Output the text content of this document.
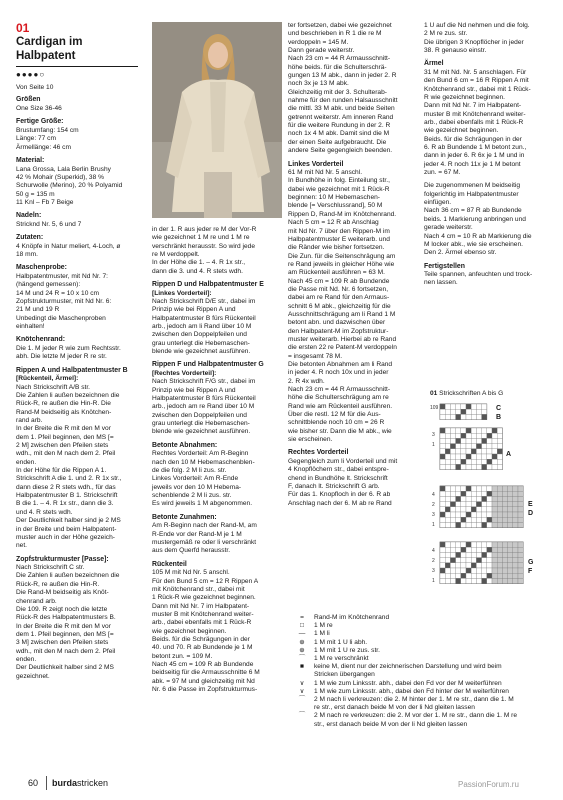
01
Cardigan im
Halbpatent
●●●●○

Von Seite 10

Größen

One Size 36-46

Fertige Größe:

Brustumfang: 154 cm

Länge: 77 cm

Ärmellänge: 46 cm

Material:

Lana Grossa, Lala Berlin Brushy

42 % Mohair (Superkid), 38 %

Schurwolle (Merino), 20 % Polyamid

50 g = 135 m

11 Knl – Fb 7 Beige

Nadeln:

Stricknd Nr. 5, 6 und 7

Zutaten:

4 Knöpfe in Natur meliert, 4-Loch, ø

18 mm.

Maschenprobe:

Halbpatentmuster, mit Nd Nr. 7:

(hängend gemessen):

14 M und 24 R = 10 x 10 cm

Zopfstrukturmuster, mit Nd Nr. 6:

21 M und 19 R

Unbedingt die Maschenproben

einhalten!

Knötchenrand:

Die 1. M jeder R wie zum Rechtsstr.

abh. Die letzte M jeder R re str.

Rippen A und Halbpatentmuster B

[Rückenteil, Ärmel]:

Nach Strickschrift A/B str.

Die Zahlen li außen bezeichnen die

Rück-R, re außen die Hin-R. Die

Rand-M beidseitig als Knötchen-

rand arb.

In der Breite die R mit den M vor

dem 1. Pfeil beginnen, den MS [=

2 M] zwischen den Pfeilen stets

wdh., mit den M nach dem 2. Pfeil

enden.

In der Höhe für die Rippen A 1.

Strickschrift A die 1. und 2. R 1x str.,

dann diese 2 R stets wdh., für das

Halbpatentmuster B 1. Strickschrift

B die 1. – 4. R 1x str., dann die 3.

und 4. R stets wdh.

Der Deutlichkeit halber sind je 2 MS

in der Breite und beim Halbpatent-

muster auch in der Höhe gezeich-

net.

Zopfstrukturmuster [Passe]:

Nach Strickschrift C str.

Die Zahlen li außen bezeichnen die

Rück-R, re außen die Hin-R.

Die Rand-M beidseitig als Knöt-

chenrand arb.

Die 109. R zeigt noch die letzte

Rück-R des Halbpatentmusters B.

In der Breite die R mit den M vor

dem 1. Pfeil beginnen, den MS [=

3 M] zwischen den Pfeilen stets

wdh., mit den M nach dem 2. Pfeil

enden.

Der Deutlichkeit halber sind 2 MS

gezeichnet.

in der 1. R aus jeder re M der Vor-R

wie gezeichnet 1 M re und 1 M re

verschränkt herausstr. So wird jede

re M verdoppelt.

In der Höhe die 1. – 4. R 1x str.,

dann die 3. und 4. R stets wdh.

Rippen D und Halbpatentmuster E

[Linkes Vorderteil]:

Nach Strickschrift D/E str., dabei im

Prinzip wie bei Rippen A und

Halbpatentmuster B fürs Rückenteil

arb., jedoch am li Rand über 10 M

zwischen den Doppelpfeilen und

grau unterlegt die Hebemaschen-

blende wie gezeichnet ausführen.

Rippen F und Halbpatentmuster G

[Rechtes Vorderteil]:

Nach Strickschrift F/G str., dabei im

Prinzip wie bei Rippen A und

Halbpatentmuster B fürs Rückenteil

arb., jedoch am re Rand über 10 M

zwischen den Doppelpfeilen und

grau unterlegt die Hebemaschen-

blende wie gezeichnet ausführen.

Betonte Abnahmen:

Rechtes Vorderteil: Am R-Beginn

nach den 10 M Hebemaschenblen-

de die folg. 2 M li zus. str.

Linkes Vorderteil: Am R-Ende

jeweils vor den 10 M Hebema-

schenblende 2 M li zus. str.

Es wird jeweils 1 M abgenommen.

Betonte Zunahmen:

Am R-Beginn nach der Rand-M, am

R-Ende vor der Rand-M je 1 M

mustergemäß re oder li verschränkt

aus dem Querfd herausstr.

Rückenteil

105 M mit Nd Nr. 5 anschl.

Für den Bund 5 cm = 12 R Rippen A

mit Knötchenrand str., dabei mit

1 Rück-R wie gezeichnet beginnen.

Dann mit Nd Nr. 7 im Halbpatent-

muster B mit Knötchenrand weiter-

arb., dabei ebenfalls mit 1 Rück-R

wie gezeichnet beginnen.

Beids. für die Schrägungen in der

40. und 70. R ab Bundende je 1 M

betont zun. = 109 M.

Nach 45 cm = 109 R ab Bundende

beidseitig für die Armausschnitte 6 M

abk. = 97 M und gleichzeitig mit Nd

Nr. 6 die Passe im Zopfstrukturmus-

ter fortsetzen, dabei wie gezeichnet

und beschrieben in R 1 die re M

verdoppeln = 145 M.

Dann gerade weiterstr.

Nach 23 cm = 44 R Armausschnitt-

höhe beids. für die Schulterschrä-

gungen 13 M abk., dann in jeder 2. R

noch 3x je 13 M abk.

Gleichzeitig mit der 3. Schulterab-

nahme für den runden Halsausschnitt

die mittl. 33 M abk. und beide Seiten

getrennt weiterstr. Am inneren Rand

für die weitere Rundung in der 2. R

noch 1x 4 M abk. Damit sind die M

der einen Seite aufgebraucht. Die

andere Seite gegengleich beenden.

Linkes Vorderteil

61 M mit Nd Nr. 5 anschl.

In Bundhöhe in folg. Einteilung str.,

dabei wie gezeichnet mit 1 Rück-R

beginnen: 10 M Hebemaschen-

blende [= Verschlussrand], 50 M

Rippen D, Rand-M im Knötchenrand.

Nach 5 cm = 12 R ab Anschlag

mit Nd Nr. 7 über den Rippen-M im

Halbpatentmuster E weiterarb. und

die Ränder wie bisher fortsetzen.

Die Zun. für die Seitenschrägung am

re Rand jeweils in gleicher Höhe wie

am Rückenteil ausführen = 63 M.

Nach 45 cm = 109 R ab Bundende

die Passe mit Nd. Nr. 6 fortsetzen,

dabei am re Rand für den Armaus-

schnitt 6 M abk., gleichzeitig für die

Ausschnittschrägung am li Rand 1 M

betont abn. und dazwischen über

den Halbpatent-M im Zopfstruktur-

muster weiterarb. Hierbei ab re Rand

die ersten 22 re Patent-M verdoppeln

= insgesamt 78 M.

Die betonten Abnahmen am li Rand

in jeder 4. R noch 10x und in jeder

2. R 4x wdh.

Nach 23 cm = 44 R Armausschnitt-

höhe die Schulterschrägung am re

Rand wie am Rückenteil ausführen.

Über die restl. 12 M für die Aus-

schnittblende noch 10 cm = 26 R

wie bisher str. Dann die M abk., wie

sie erscheinen.

Rechtes Vorderteil

Gegengleich zum li Vorderteil und mit

4 Knopflöchern str., dabei entspre-

chend in Bundhöhe lt. Strickschrift

F, danach lt. Strickschrift G arb.

Für das 1. Knopfloch in der 6. R ab

Anschlag nach der 6. M ab re Rand

1 U auf die Nd nehmen und die folg.

2 M re zus. str.

Die übrigen 3 Knopflöcher in jeder

38. R genauso einstr.

Ärmel

31 M mit Nd. Nr. 5 anschlagen. Für

den Bund 6 cm = 16 R Rippen A mit

Knötchenrand str., dabei mit 1 Rück-

R wie gezeichnet beginnen.

Dann mit Nd Nr. 7 im Halbpatent-

muster B mit Knötchenrand weiter-

arb., dabei ebenfalls mit 1 Rück-R

wie gezeichnet beginnen.

Beids. für die Schrägungen in der

6. R ab Bundende 1 M betont zun.,

dann in jeder 6. R 6x je 1 M und in

jeder 4. R noch 11x je 1 M betont

zun. = 67 M.

Die zugenommenen M beidseitig

folgerichtig im Halbpatentmuster

einfügen.

Nach 36 cm = 87 R ab Bundende

beids. 1 Markierung anbringen und

gerade weiterstr.

Nach 4 cm = 10 R ab Markierung die

M locker abk., wie sie erscheinen.

Den 2. Ärmel ebenso str.

Fertigstellen

Teile spannen, anfeuchten und trock-

nen lassen.

01 Strickschriften A bis G
C
B
A
E
D
G
F
109
3
1
4
2
3
1
4
2
3
1
=	Rand-M im Knötchenrand
□	1 M re
—	1 M li
⊕	1 M mit 1 U li abh.
⊕	1 M mit 1 U re zus. str.
⌒	1 M re verschränkt
■	keine M, dient nur der zeichnerischen Darstellung und wird beim
Stricken übergangen
∨	1 M wie zum Linksstr. abh., dabei den Fd vor der M weiterführen
∨	1 M wie zum Linksstr. abh., dabei den Fd hinter der M weiterführen
⌒	2 M nach li verkreuzen: die 2. M hinter der 1. M re str., dann die 1. M
re str., erst danach beide M von der li Nd gleiten lassen
⌒	2 M nach re verkreuzen: die 2. M vor der 1. M re str., dann die 1. M re
str., erst danach beide M von der li Nd gleiten lassen
60 burdastricken	PassionForum.ru
